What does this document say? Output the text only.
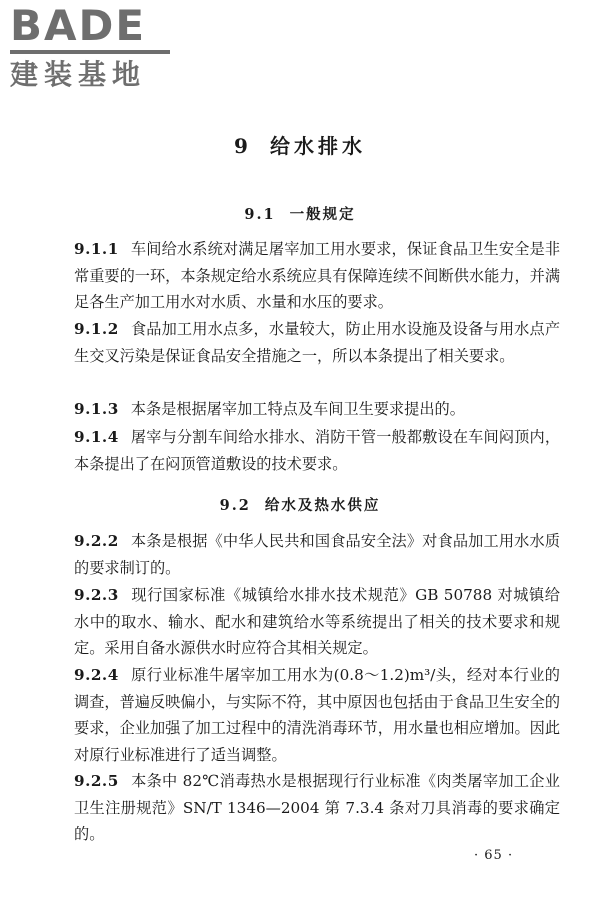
BADE
建装基地
9 给水排水
9.1 一般规定
9.1.1 车间给水系统对满足屠宰加工用水要求，保证食品卫生安全是非常重要的一环，本条规定给水系统应具有保障连续不间断供水能力，并满足各生产加工用水对水质、水量和水压的要求。
9.1.2 食品加工用水点多，水量较大，防止用水设施及设备与用水点产生交叉污染是保证食品安全措施之一，所以本条提出了相关要求。
9.1.3 本条是根据屠宰加工特点及车间卫生要求提出的。
9.1.4 屠宰与分割车间给水排水、消防干管一般都敷设在车间闷顶内，本条提出了在闷顶管道敷设的技术要求。
9.2 给水及热水供应
9.2.2 本条是根据《中华人民共和国食品安全法》对食品加工用水水质的要求制订的。
9.2.3 现行国家标准《城镇给水排水技术规范》GB 50788 对城镇给水中的取水、输水、配水和建筑给水等系统提出了相关的技术要求和规定。采用自备水源供水时应符合其相关规定。
9.2.4 原行业标准牛屠宰加工用水为(0.8～1.2)m³/头，经对本行业的调查，普遍反映偏小，与实际不符，其中原因也包括由于食品卫生安全的要求，企业加强了加工过程中的清洗消毒环节，用水量也相应增加。因此对原行业标准进行了适当调整。
9.2.5 本条中 82℃消毒热水是根据现行行业标准《肉类屠宰加工企业卫生注册规范》SN/T 1346—2004 第 7.3.4 条对刀具消毒的要求确定的。
· 65 ·
